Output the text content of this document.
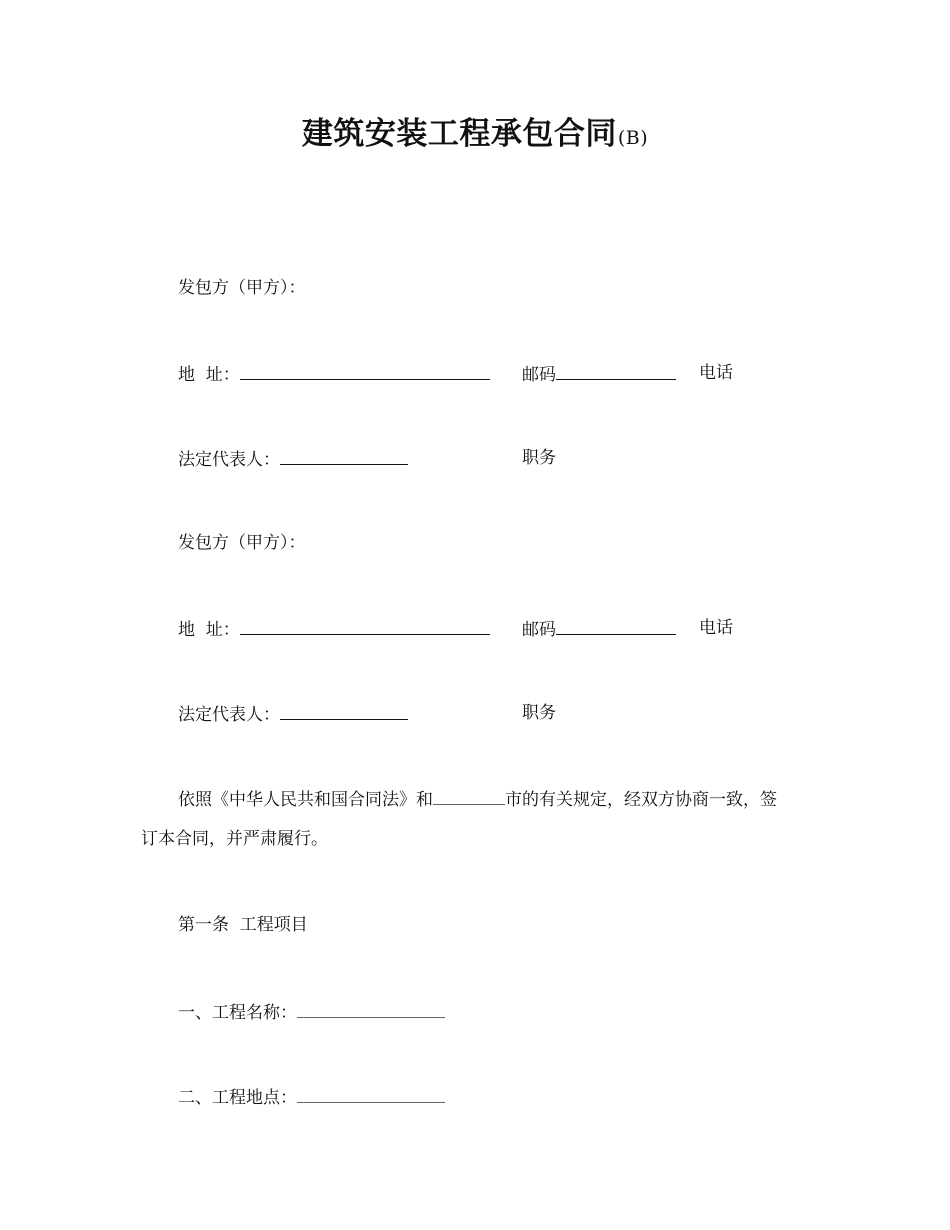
建筑安装工程承包合同(B)
发包方（甲方）：
地  址：	邮码	电话
法定代表人：	职务
发包方（甲方）：
地  址：	邮码	电话
法定代表人：	职务
依照《中华人民共和国合同法》和	市的有关规定，经双方协商一致，签
订本合同，并严肃履行。
第一条  工程项目
一、工程名称：
二、工程地点：
